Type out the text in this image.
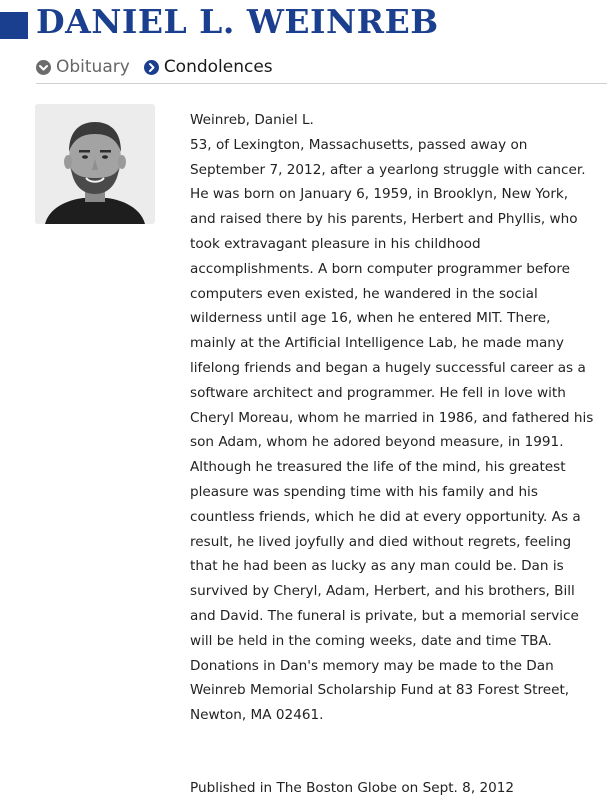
DANIEL L. WEINREB
Obituary Condolences

Weinreb, Daniel L.

53, of Lexington, Massachusetts, passed away on September 7, 2012, after a yearlong struggle with cancer. He was born on January 6, 1959, in Brooklyn, New York, and raised there by his parents, Herbert and Phyllis, who took extravagant pleasure in his childhood accomplishments. A born computer programmer before computers even existed, he wandered in the social wilderness until age 16, when he entered MIT. There, mainly at the Artificial Intelligence Lab, he made many lifelong friends and began a hugely successful career as a software architect and programmer. He fell in love with Cheryl Moreau, whom he married in 1986, and fathered his son Adam, whom he adored beyond measure, in 1991. Although he treasured the life of the mind, his greatest pleasure was spending time with his family and his countless friends, which he did at every opportunity. As a result, he lived joyfully and died without regrets, feeling that he had been as lucky as any man could be. Dan is survived by Cheryl, Adam, Herbert, and his brothers, Bill and David. The funeral is private, but a memorial service will be held in the coming weeks, date and time TBA. Donations in Dan's memory may be made to the Dan Weinreb Memorial Scholarship Fund at 83 Forest Street, Newton, MA 02461.

Published in The Boston Globe on Sept. 8, 2012
